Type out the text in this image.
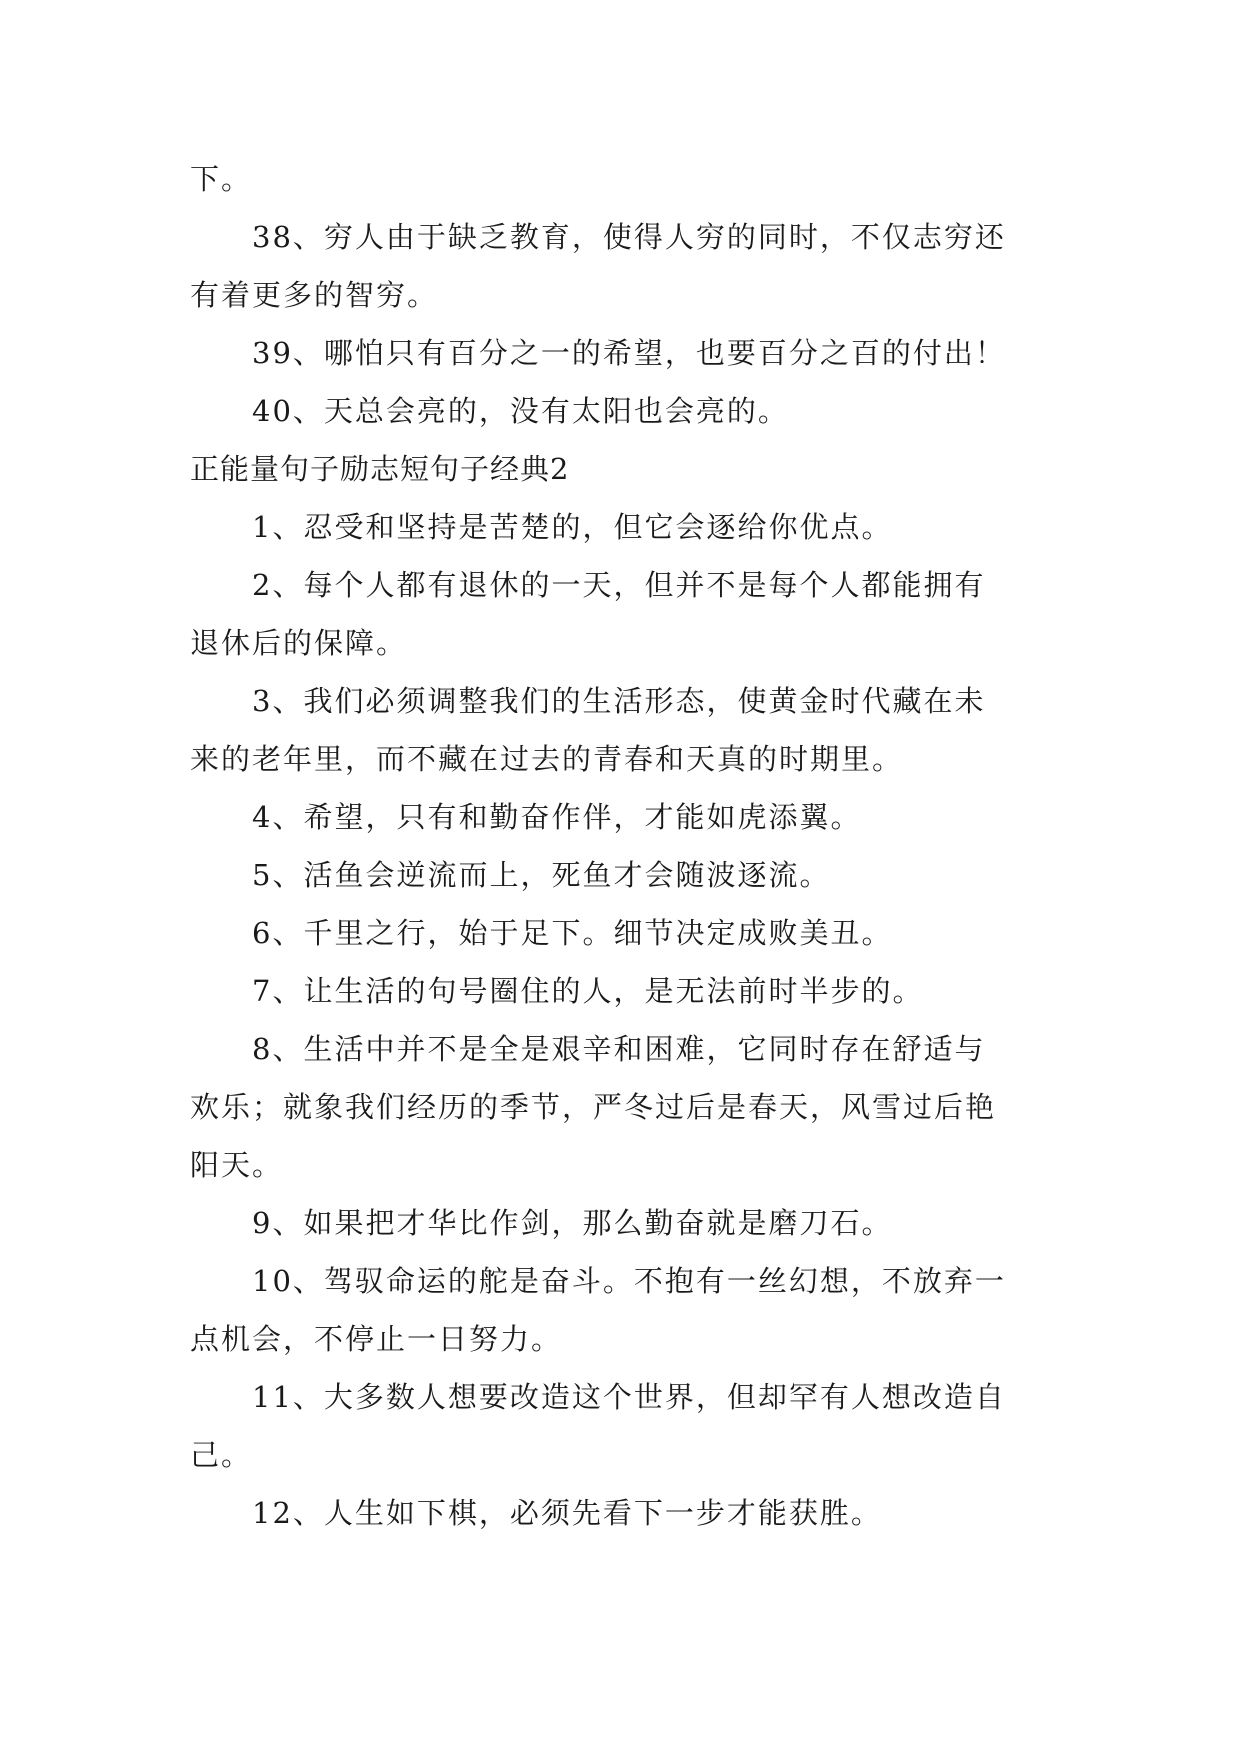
下。
38、穷人由于缺乏教育，使得人穷的同时，不仅志穷还
有着更多的智穷。
39、哪怕只有百分之一的希望，也要百分之百的付出！
40、天总会亮的，没有太阳也会亮的。
正能量句子励志短句子经典2
1、忍受和坚持是苦楚的，但它会逐给你优点。
2、每个人都有退休的一天，但并不是每个人都能拥有
退休后的保障。
3、我们必须调整我们的生活形态，使黄金时代藏在未
来的老年里，而不藏在过去的青春和天真的时期里。
4、希望，只有和勤奋作伴，才能如虎添翼。
5、活鱼会逆流而上，死鱼才会随波逐流。
6、千里之行，始于足下。细节决定成败美丑。
7、让生活的句号圈住的人，是无法前时半步的。
8、生活中并不是全是艰辛和困难，它同时存在舒适与
欢乐；就象我们经历的季节，严冬过后是春天，风雪过后艳
阳天。
9、如果把才华比作剑，那么勤奋就是磨刀石。
10、驾驭命运的舵是奋斗。不抱有一丝幻想，不放弃一
点机会，不停止一日努力。
11、大多数人想要改造这个世界，但却罕有人想改造自
己。
12、人生如下棋，必须先看下一步才能获胜。
